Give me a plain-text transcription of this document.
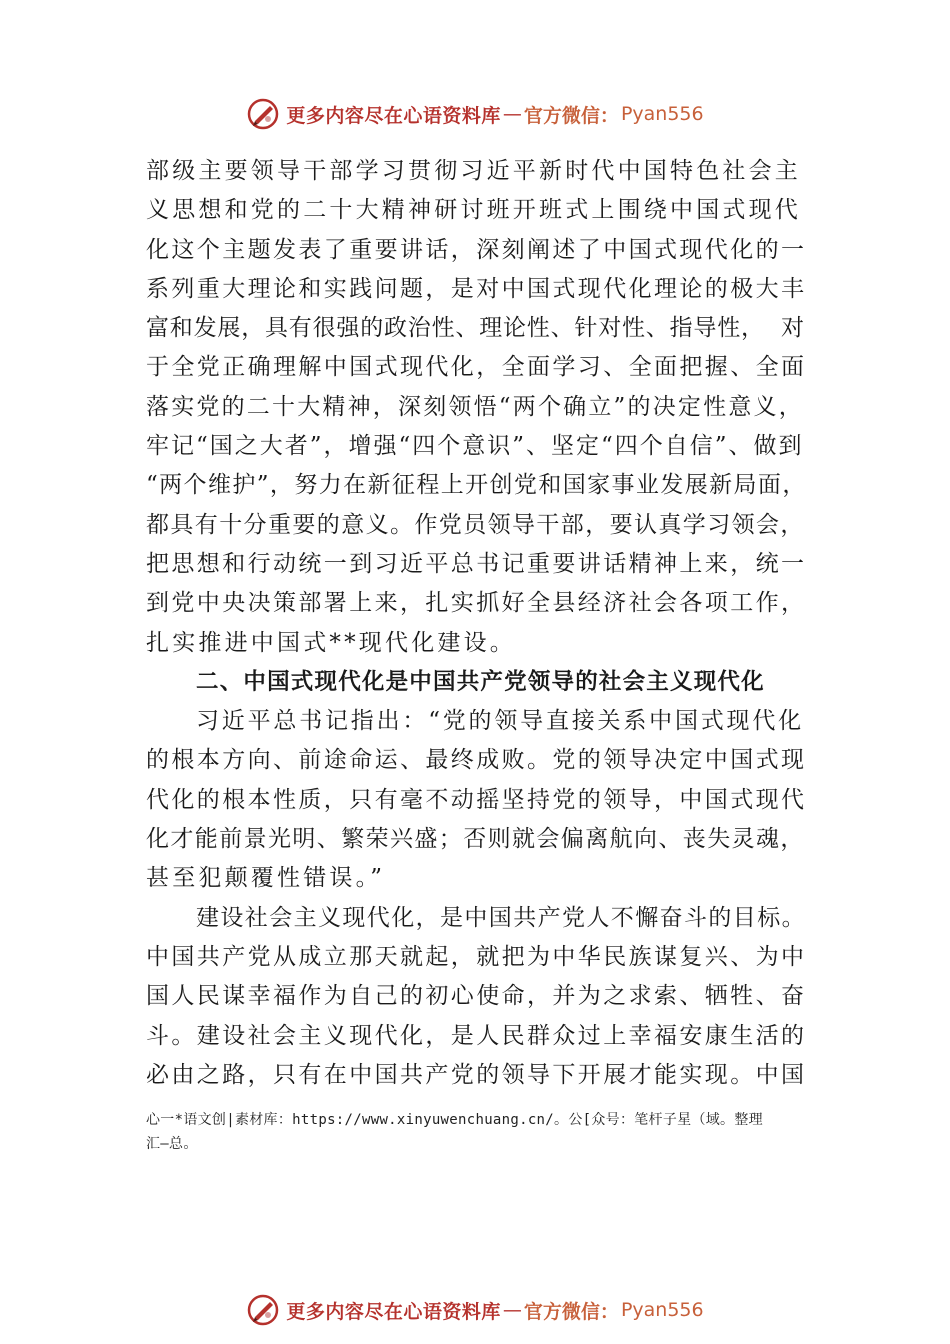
更多内容尽在心语资料库 — 官方微信： Pyan556
部级主要领导干部学习贯彻习近平新时代中国特色社会主
义思想和党的二十大精神研讨班开班式上围绕中国式现代
化这个主题发表了重要讲话，深刻阐述了中国式现代化的一
系列重大理论和实践问题，是对中国式现代化理论的极大丰
富和发展，具有很强的政治性、理论性、针对性、指导性，  对
于全党正确理解中国式现代化，全面学习、全面把握、全面
落实党的二十大精神，深刻领悟“两个确立”的决定性意义，
牢记“国之大者”，增强“四个意识”、坚定“四个自信”、做到
“两个维护”，努力在新征程上开创党和国家事业发展新局面，
都具有十分重要的意义。作党员领导干部，要认真学习领会，
把思想和行动统一到习近平总书记重要讲话精神上来，统一
到党中央决策部署上来，扎实抓好全县经济社会各项工作，
扎实推进中国式**现代化建设。
二、中国式现代化是中国共产党领导的社会主义现代化
习近平总书记指出：“党的领导直接关系中国式现代化
的根本方向、前途命运、最终成败。党的领导决定中国式现
代化的根本性质，只有毫不动摇坚持党的领导，中国式现代
化才能前景光明、繁荣兴盛；否则就会偏离航向、丧失灵魂，
甚至犯颠覆性错误。”
建设社会主义现代化，是中国共产党人不懈奋斗的目标。
中国共产党从成立那天就起，就把为中华民族谋复兴、为中
国人民谋幸福作为自己的初心使命，并为之求索、牺牲、奋
斗。建设社会主义现代化，是人民群众过上幸福安康生活的
必由之路，只有在中国共产党的领导下开展才能实现。中国
心一*语文创|素材库：https://www.xinyuwenchuang.cn/。公[众号：笔杆子星（域。整理
汇—总。
更多内容尽在心语资料库 — 官方微信： Pyan556
